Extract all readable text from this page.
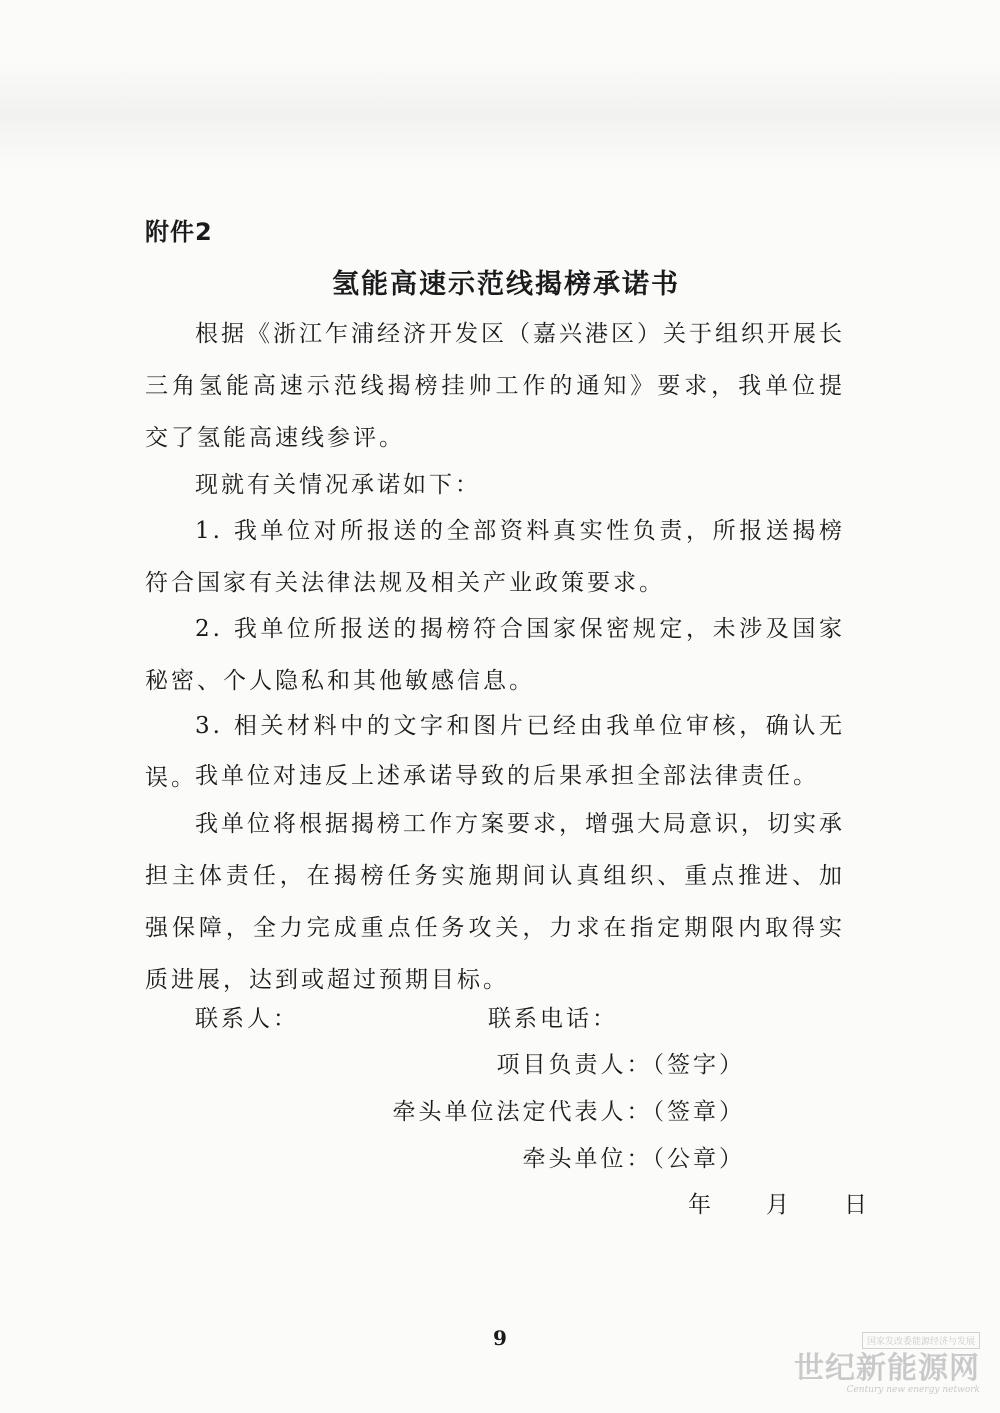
附件2
氢能高速示范线揭榜承诺书

根据《浙江乍浦经济开发区（嘉兴港区）关于组织开展长三角氢能高速示范线揭榜挂帅工作的通知》要求，我单位提交了氢能高速线参评。

现就有关情况承诺如下：

1. 我单位对所报送的全部资料真实性负责，所报送揭榜符合国家有关法律法规及相关产业政策要求。

2. 我单位所报送的揭榜符合国家保密规定，未涉及国家秘密、个人隐私和其他敏感信息。

3. 相关材料中的文字和图片已经由我单位审核，确认无误。

我单位对违反上述承诺导致的后果承担全部法律责任。

我单位将根据揭榜工作方案要求，增强大局意识，切实承担主体责任，在揭榜任务实施期间认真组织、重点推进、加强保障，全力完成重点任务攻关，力求在指定期限内取得实质进展，达到或超过预期目标。

联系人：	联系电话：
项目负责人：（签字）
牵头单位法定代表人：（签章）
牵头单位：（公章）
年　　月　　日
9	国家发改委能源经济与发展
世纪新能源网
Century new energy network
